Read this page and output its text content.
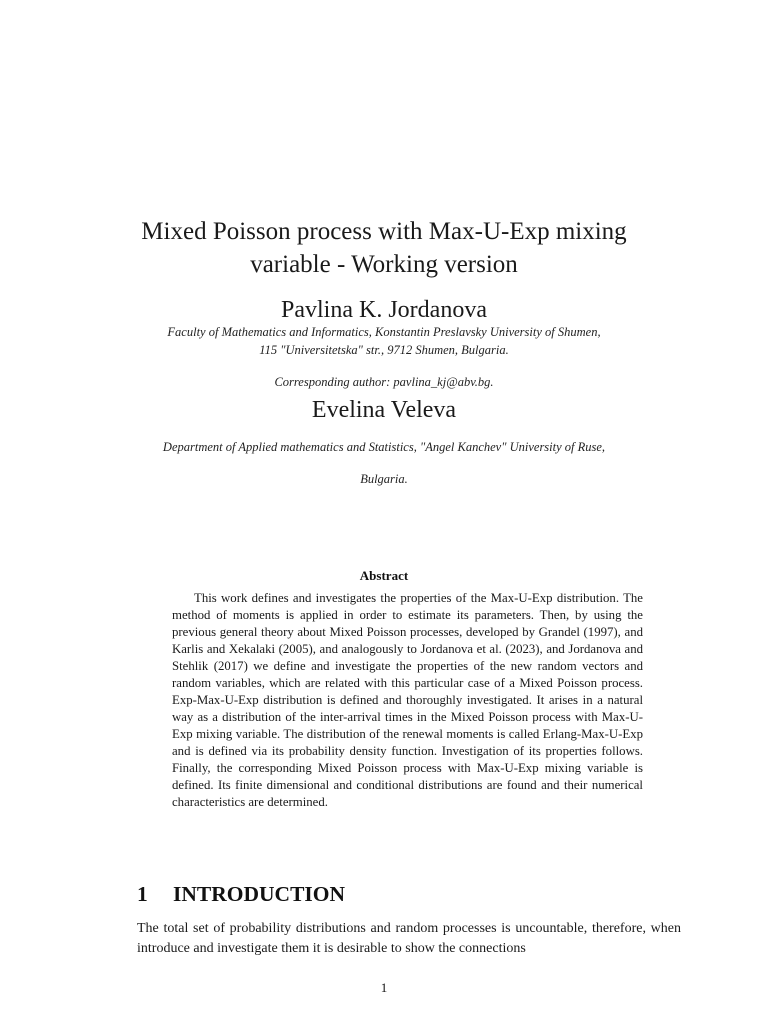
Mixed Poisson process with Max-U-Exp mixing
variable - Working version
Pavlina K. Jordanova
Faculty of Mathematics and Informatics, Konstantin Preslavsky University of Shumen,
115 "Universitetska" str., 9712 Shumen, Bulgaria.
Corresponding author: pavlina_kj@abv.bg.
Evelina Veleva
Department of Applied mathematics and Statistics, "Angel Kanchev" University of Ruse,
Bulgaria.
Abstract
This work defines and investigates the properties of the Max-U-Exp distribution. The method of moments is applied in order to estimate its parameters. Then, by using the previous general theory about Mixed Poisson processes, developed by Grandel (1997), and Karlis and Xekalaki (2005), and analogously to Jordanova et al. (2023), and Jordanova and Stehlik (2017) we define and investigate the properties of the new random vectors and random variables, which are related with this particular case of a Mixed Poisson process. Exp-Max-U-Exp distribution is defined and thoroughly investigated. It arises in a natural way as a distribution of the inter-arrival times in the Mixed Poisson process with Max-U-Exp mixing variable. The distribution of the renewal moments is called Erlang-Max-U-Exp and is defined via its probability density function. Investigation of its properties follows. Finally, the corresponding Mixed Poisson process with Max-U-Exp mixing variable is defined. Its finite dimensional and conditional distributions are found and their numerical characteristics are determined.
1 INTRODUCTION
The total set of probability distributions and random processes is uncountable, therefore, when introduce and investigate them it is desirable to show the connections
1
